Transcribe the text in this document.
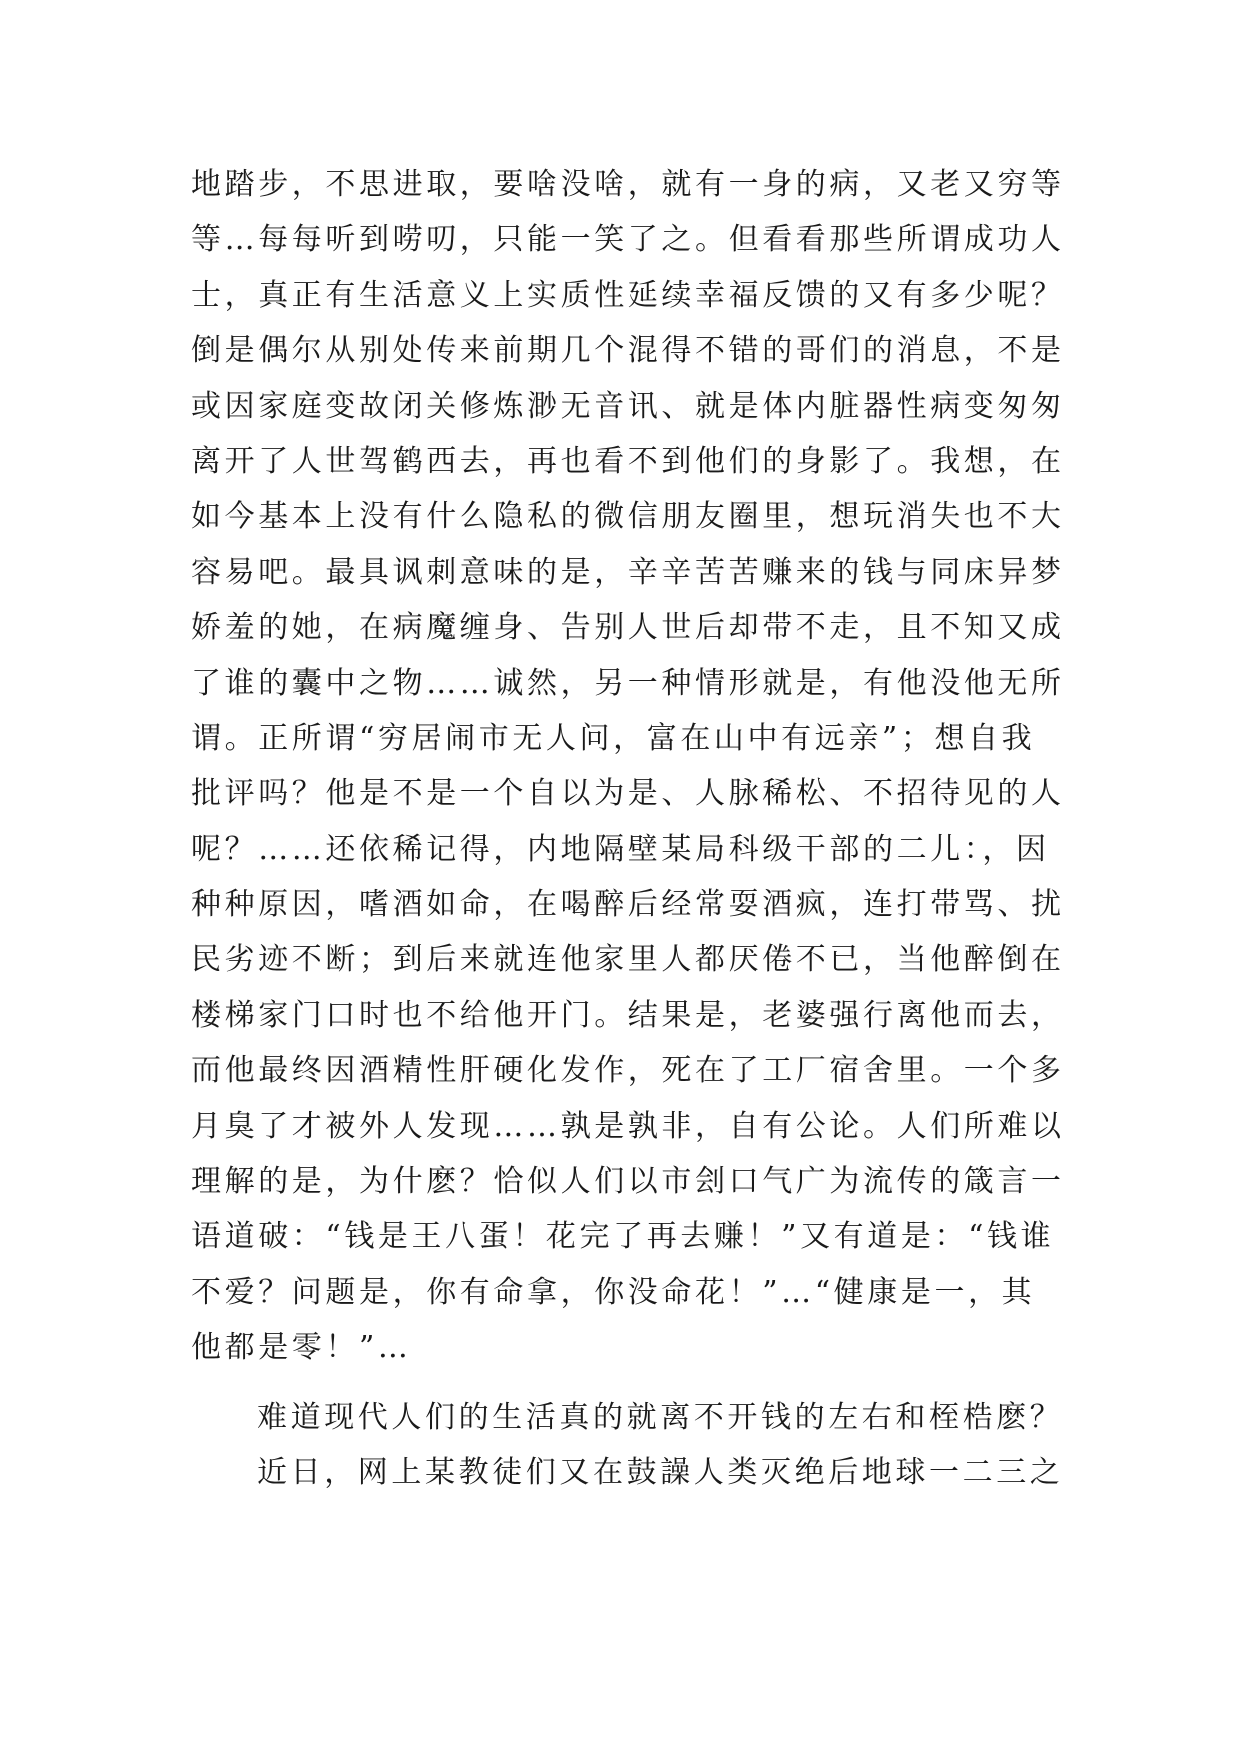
地踏步，不思进取，要啥没啥，就有一身的病，又老又穷等
等…每每听到唠叨，只能一笑了之。但看看那些所谓成功人
士，真正有生活意义上实质性延续幸福反馈的又有多少呢？
倒是偶尔从别处传来前期几个混得不错的哥们的消息，不是
或因家庭变故闭关修炼渺无音讯、就是体内脏器性病变匆匆
离开了人世驾鹤西去，再也看不到他们的身影了。我想，在
如今基本上没有什么隐私的微信朋友圈里，想玩消失也不大
容易吧。最具讽刺意味的是，辛辛苦苦赚来的钱与同床异梦
娇羞的她，在病魔缠身、告别人世后却带不走，且不知又成
了谁的囊中之物……诚然，另一种情形就是，有他没他无所
谓。正所谓“穷居闹市无人问，富在山中有远亲”；想自我
批评吗？他是不是一个自以为是、人脉稀松、不招待见的人
呢？……还依稀记得，内地隔壁某局科级干部的二儿：，因
种种原因，嗜酒如命，在喝醉后经常耍酒疯，连打带骂、扰
民劣迹不断；到后来就连他家里人都厌倦不已，当他醉倒在
楼梯家门口时也不给他开门。结果是，老婆强行离他而去，
而他最终因酒精性肝硬化发作，死在了工厂宿舍里。一个多
月臭了才被外人发现……孰是孰非，自有公论。人们所难以
理解的是，为什麽？恰似人们以市刽口气广为流传的箴言一
语道破：“钱是王八蛋！花完了再去赚！”又有道是：“钱谁
不爱？问题是，你有命拿，你没命花！”…“健康是一，其
他都是零！”…
难道现代人们的生活真的就离不开钱的左右和桎梏麽？
近日，网上某教徒们又在鼓譟人类灭绝后地球一二三之
